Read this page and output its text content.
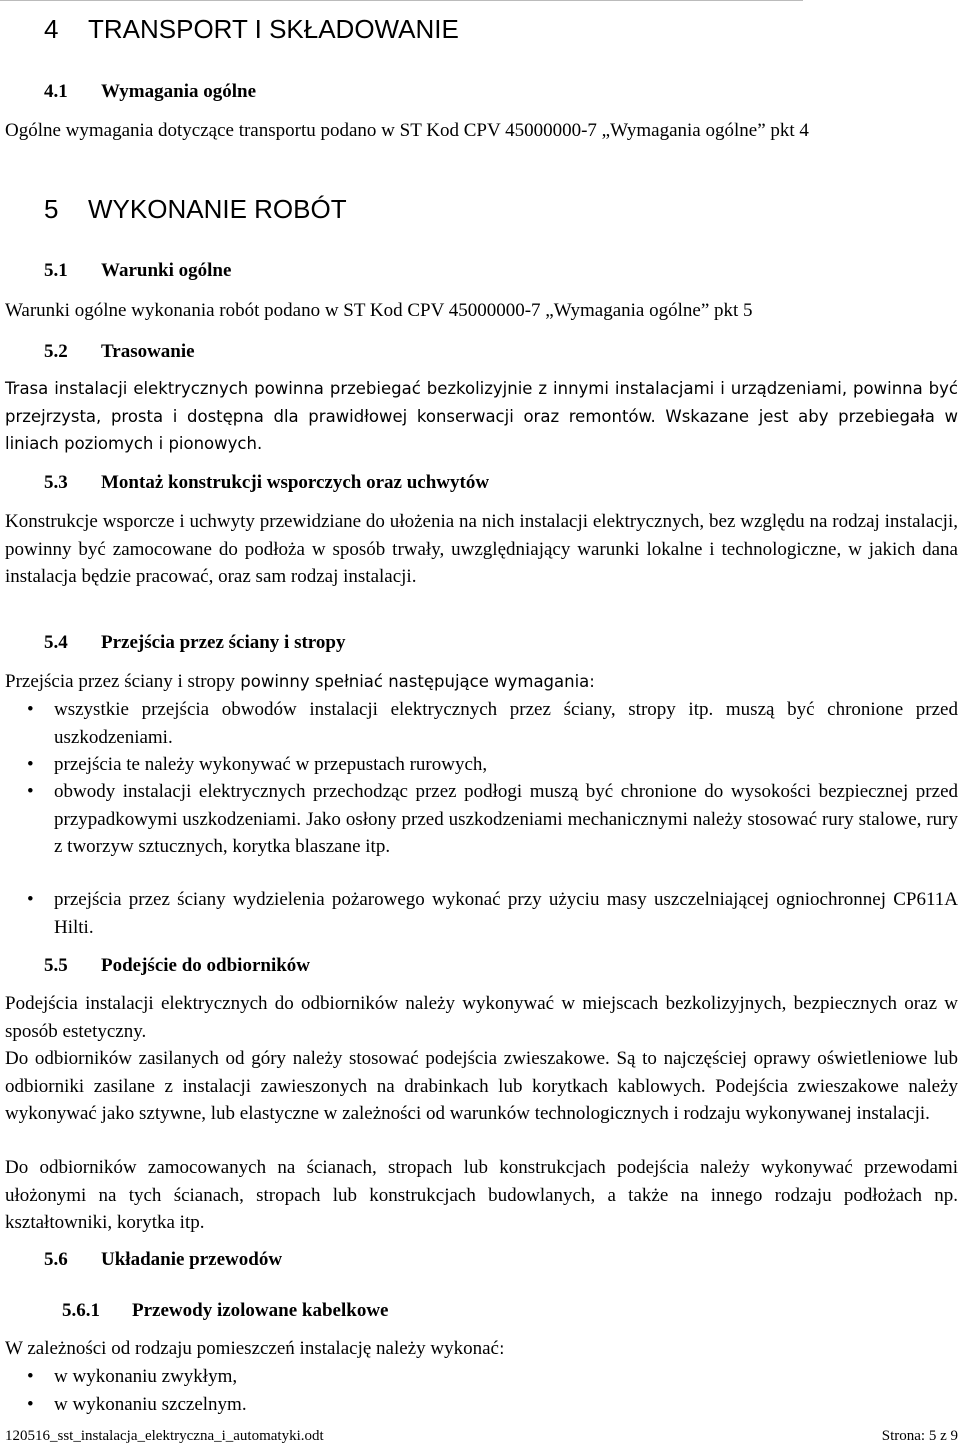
4 TRANSPORT I SKŁADOWANIE
4.1 Wymagania ogólne
Ogólne wymagania dotyczące transportu podano w ST Kod CPV 45000000-7 „Wymagania ogólne” pkt 4
5 WYKONANIE ROBÓT
5.1 Warunki ogólne
Warunki ogólne wykonania robót podano w ST Kod CPV 45000000-7 „Wymagania ogólne” pkt 5
5.2 Trasowanie
Trasa instalacji elektrycznych powinna przebiegać bezkolizyjnie z innymi instalacjami i urządzeniami, powinna być przejrzysta, prosta i dostępna dla prawidłowej konserwacji oraz remontów. Wskazane jest aby przebiegała w liniach poziomych i pionowych.
5.3 Montaż konstrukcji wsporczych oraz uchwytów
Konstrukcje wsporcze i uchwyty przewidziane do ułożenia na nich instalacji elektrycznych, bez względu na rodzaj instalacji, powinny być zamocowane do podłoża w sposób trwały, uwzględniający warunki lokalne i technologiczne, w jakich dana instalacja będzie pracować, oraz sam rodzaj instalacji.
5.4 Przejścia przez ściany i stropy
Przejścia przez ściany i stropy powinny spełniać następujące wymagania:
• wszystkie przejścia obwodów instalacji elektrycznych przez ściany, stropy itp. muszą być chronione przed uszkodzeniami.
• przejścia te należy wykonywać w przepustach rurowych,
• obwody instalacji elektrycznych przechodząc przez podłogi muszą być chronione do wysokości bezpiecznej przed przypadkowymi uszkodzeniami. Jako osłony przed uszkodzeniami mechanicznymi należy stosować rury stalowe, rury z tworzyw sztucznych, korytka blaszane itp.
• przejścia przez ściany wydzielenia pożarowego wykonać przy użyciu masy uszczelniającej ogniochronnej CP611A Hilti.
5.5 Podejście do odbiorników
Podejścia instalacji elektrycznych do odbiorników należy wykonywać w miejscach bezkolizyjnych, bezpiecznych oraz w sposób estetyczny.
Do odbiorników zasilanych od góry należy stosować podejścia zwieszakowe. Są to najczęściej oprawy oświetleniowe lub odbiorniki zasilane z instalacji zawieszonych na drabinkach lub korytkach kablowych. Podejścia zwieszakowe należy wykonywać jako sztywne, lub elastyczne w zależności od warunków technologicznych i rodzaju wykonywanej instalacji.
Do odbiorników zamocowanych na ścianach, stropach lub konstrukcjach podejścia należy wykonywać przewodami ułożonymi na tych ścianach, stropach lub konstrukcjach budowlanych, a także na innego rodzaju podłożach np. kształtowniki, korytka itp.
5.6 Układanie przewodów
5.6.1 Przewody izolowane kabelkowe
W zależności od rodzaju pomieszczeń instalację należy wykonać:
• w wykonaniu zwykłym,
• w wykonaniu szczelnym.
120516_sst_instalacja_elektryczna_i_automatyki.odt	Strona: 5 z 9
